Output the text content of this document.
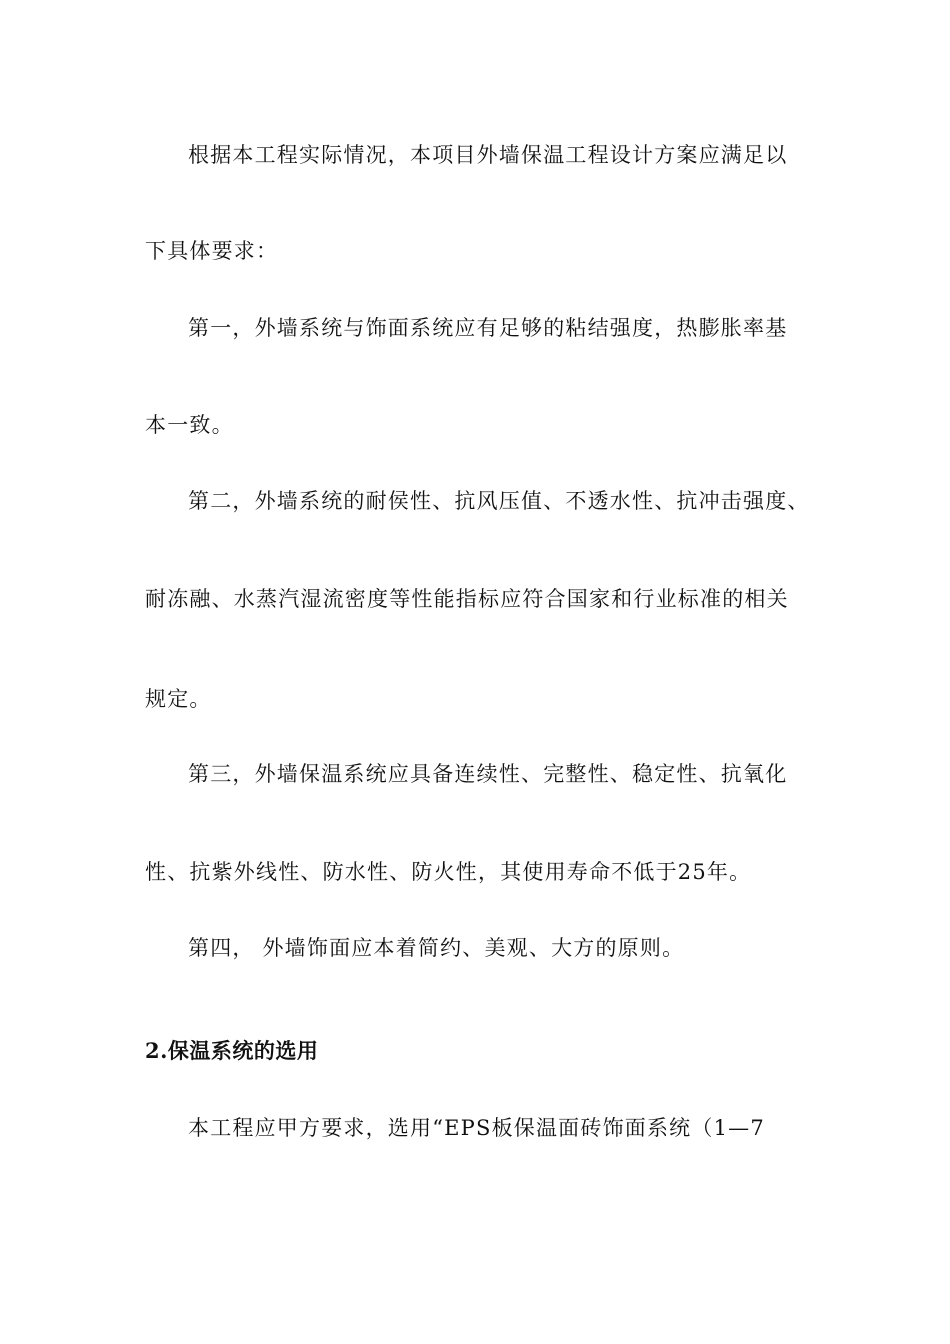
根据本工程实际情况，本项目外墙保温工程设计方案应满足以
下具体要求：
第一，外墙系统与饰面系统应有足够的粘结强度，热膨胀率基
本一致。
第二，外墙系统的耐侯性、抗风压值、不透水性、抗冲击强度、
耐冻融、水蒸汽湿流密度等性能指标应符合国家和行业标准的相关
规定。
第三，外墙保温系统应具备连续性、完整性、稳定性、抗氧化
性、抗紫外线性、防水性、防火性，其使用寿命不低于25年。
第四， 外墙饰面应本着简约、美观、大方的原则。
2.保温系统的选用
本工程应甲方要求，选用“EPS板保温面砖饰面系统（1—7
